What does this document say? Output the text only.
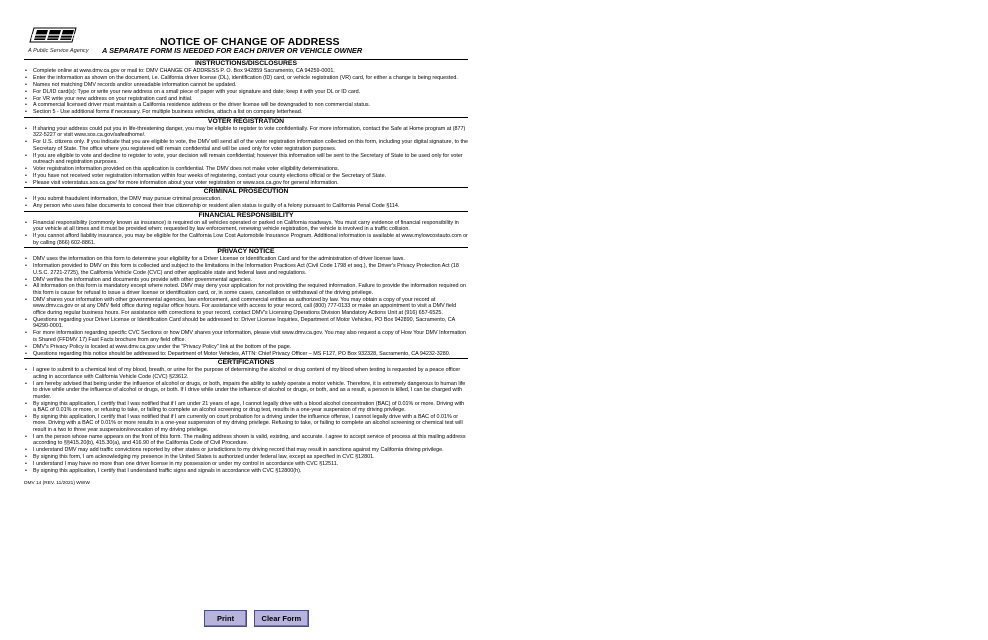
A Public Service Agency
NOTICE OF CHANGE OF ADDRESS
A SEPARATE FORM IS NEEDED FOR EACH DRIVER OR VEHICLE OWNER
INSTRUCTIONS/DISCLOSURES
• Complete online at www.dmv.ca.gov or mail to: DMV CHANGE OF ADDRESS P. O. Box 942859 Sacramento, CA 94259-0001.
• Enter the information as shown on the document, i.e. California driver license (DL), identification (ID) card, or vehicle registration (VR) card, for either a change is being requested.
• Names not matching DMV records and/or unreadable information cannot be updated.
• For DL/ID card(s): Type or write your new address on a small piece of paper with your signature and date; keep it with your DL or ID card.
• For VR write your new address on your registration card and initial.
• A commercial licensed driver must maintain a California residence address or the driver license will be downgraded to non commercial status.
• Section 5 - Use additional forms if necessary. For multiple business vehicles, attach a list on company letterhead.
VOTER REGISTRATION
• If sharing your address could put you in life-threatening danger, you may be eligible to register to vote confidentially. For more information, contact the Safe at Home program at (877) 322-5227 or visit www.sos.ca.gov/safeathome/.
• For U.S. citizens only. If you indicate that you are eligible to vote, the DMV will send all of the voter registration information collected on this form, including your digital signature, to the Secretary of State. The office where you registered will remain confidential and will be used only for voter registration purposes.
• If you are eligible to vote and decline to register to vote, your decision will remain confidential; however this information will be sent to the Secretary of State to be used only for voter outreach and registration purposes.
• Voter registration information provided on this application is confidential. The DMV does not make voter eligibility determinations.
• If you have not received voter registration information within four weeks of registering, contact your county elections official or the Secretary of State.
• Please visit voterstatus.sos.ca.gov/ for more information about your voter registration or www.sos.ca.gov for general information.
CRIMINAL PROSECUTION
• If you submit fraudulent information, the DMV may pursue criminal prosecution.
• Any person who uses false documents to conceal their true citizenship or resident alien status is guilty of a felony pursuant to California Penal Code §114.
FINANCIAL RESPONSIBILITY
• Financial responsibility (commonly known as insurance) is required on all vehicles operated or parked on California roadways. You must carry evidence of financial responsibility in your vehicle at all times and it must be provided when: requested by law enforcement, renewing vehicle registration, the vehicle is involved in a traffic collision.
• If you cannot afford liability insurance, you may be eligible for the California Low Cost Automobile Insurance Program. Additional information is available at www.mylowcostauto.com or by calling (866) 602-8861.
PRIVACY NOTICE
• DMV uses the information on this form to determine your eligibility for a Driver License or Identification Card and for the administration of driver license laws.
• Information provided to DMV on this form is collected and subject to the limitations in the Information Practices Act (Civil Code 1798 et seq.), the Driver's Privacy Protection Act (18 U.S.C. 2721-2725), the California Vehicle Code (CVC) and other applicable state and federal laws and regulations.
• DMV verifies the information and documents you provide with other governmental agencies.
• All information on this form is mandatory except where noted. DMV may deny your application for not providing the required information. Failure to provide the information required on this form is cause for refusal to issue a driver license or identification card, or, in some cases, cancellation or withdrawal of the driving privilege.
• DMV shares your information with other governmental agencies, law enforcement, and commercial entities as authorized by law. You may obtain a copy of your record at www.dmv.ca.gov or at any DMV field office during regular office hours. For assistance with access to your record, call (800) 777-0133 or make an appointment to visit a DMV field office during regular business hours. For assistance with corrections to your record, contact DMV's Licensing Operations Division Mandatory Actions Unit at (916) 657-6525.
• Questions regarding your Driver License or Identification Card should be addressed to: Driver License Inquiries, Department of Motor Vehicles, PO Box 942890, Sacramento, CA 94290-0001.
• For more information regarding specific CVC Sections or how DMV shares your information, please visit www.dmv.ca.gov. You may also request a copy of How Your DMV Information is Shared (FFDMV 17) Fast Facts brochure from any field office.
• DMV's Privacy Policy is located at www.dmv.ca.gov under the "Privacy Policy" link at the bottom of the page.
• Questions regarding this notice should be addressed to: Department of Motor Vehicles, ATTN: Chief Privacy Officer – MS F127, PO Box 932328, Sacramento, CA 94232-3280.
CERTIFICATIONS
• I agree to submit to a chemical test of my blood, breath, or urine for the purpose of determining the alcohol or drug content of my blood when testing is requested by a peace officer acting in accordance with California Vehicle Code (CVC) §23612.
• I am hereby advised that being under the influence of alcohol or drugs, or both, impairs the ability to safely operate a motor vehicle. Therefore, it is extremely dangerous to human life to drive while under the influence of alcohol or drugs, or both. If I drive while under the influence of alcohol or drugs, or both, and as a result, a person is killed, I can be charged with murder.
• By signing this application, I certify that I was notified that if I am under 21 years of age, I cannot legally drive with a blood alcohol concentration (BAC) of 0.01% or more. Driving with a BAC of 0.01% or more, or refusing to take, or failing to complete an alcohol screening or drug test, results in a one-year suspension of my driving privilege.
• By signing this application, I certify that I was notified that if I am currently on court probation for a driving under the influence offense, I cannot legally drive with a BAC of 0.01% or more. Driving with a BAC of 0.01% or more results in a one-year suspension of my driving privilege. Refusing to take, or failing to complete an alcohol screening or chemical test will result in a two to three year suspension/revocation of my driving privilege.
• I am the person whose name appears on the front of this form. The mailing address shown is valid, existing, and accurate. I agree to accept service of process at this mailing address according to §§415.20(b), 415.30(a), and 416.90 of the California Code of Civil Procedure.
• I understand DMV may add traffic convictions reported by other states or jurisdictions to my driving record that may result in sanctions against my California driving privilege.
• By signing this form, I am acknowledging my presence in the United States is authorized under federal law, except as specified in CVC §12801.
• I understand I may have no more than one driver license in my possession or under my control in accordance with CVC §12511.
• By signing this application, I certify that I understand traffic signs and signals in accordance with CVC §12800(h).
DMV 14 (REV. 11/2021) WWW
Print	Clear Form
